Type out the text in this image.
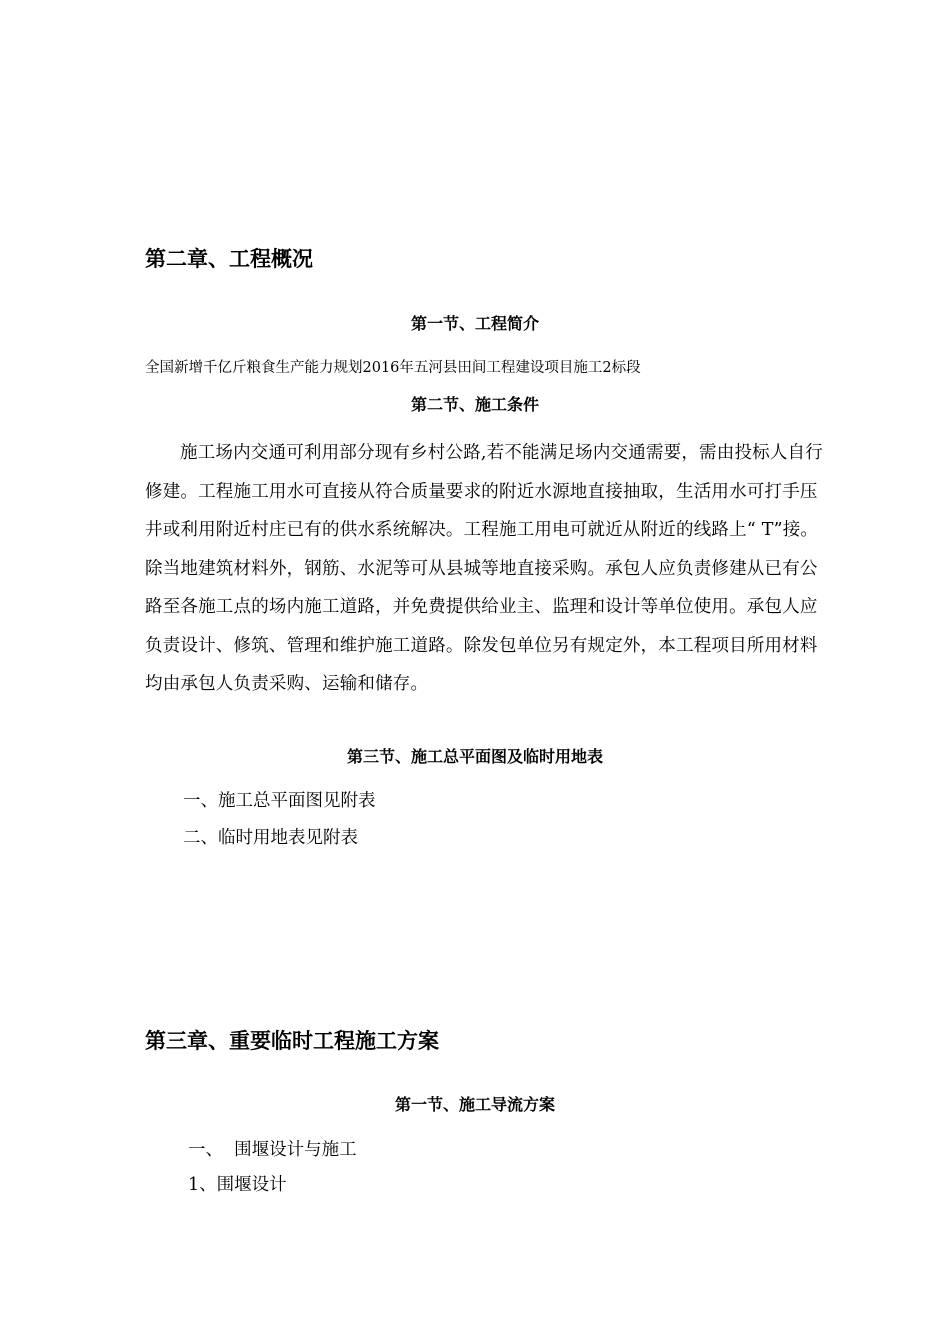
第二章、工程概况
第一节、工程简介

全国新增千亿斤粮食生产能力规划2016年五河县田间工程建设项目施工2标段

第二节、施工条件

施工场内交通可利用部分现有乡村公路,若不能满足场内交通需要，需由投标人自行修建。工程施工用水可直接从符合质量要求的附近水源地直接抽取，生活用水可打手压井或利用附近村庄已有的供水系统解决。工程施工用电可就近从附近的线路上“ T”接。除当地建筑材料外，钢筋、水泥等可从县城等地直接采购。承包人应负责修建从已有公路至各施工点的场内施工道路，并免费提供给业主、监理和设计等单位使用。承包人应负责设计、修筑、管理和维护施工道路。除发包单位另有规定外，本工程项目所用材料均由承包人负责采购、运输和储存。

第三节、施工总平面图及临时用地表

一、施工总平面图见附表

二、临时用地表见附表

第三章、重要临时工程施工方案
第一节、施工导流方案

一、  围堰设计与施工

1、围堰设计
